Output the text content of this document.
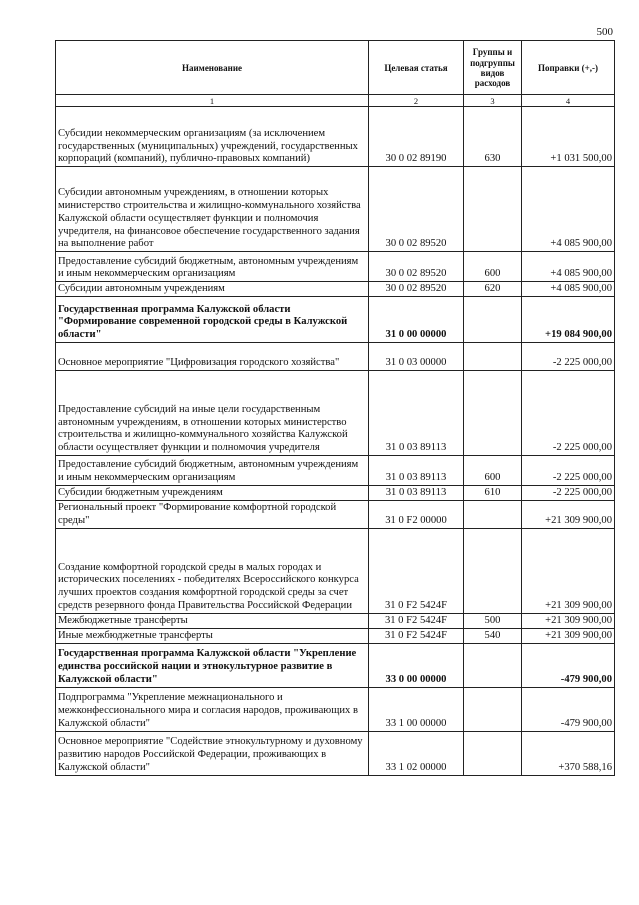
500
Наименование	Целевая статья	Группы и подгруппы видов расходов	Поправки (+,-)
1	2	3	4
Субсидии некоммерческим организациям (за исключением государственных (муниципальных) учреждений, государственных корпораций (компаний), публично-правовых компаний)	30 0 02 89190	630	+1 031 500,00
Субсидии автономным учреждениям, в отношении которых министерство строительства и жилищно-коммунального хозяйства Калужской области осуществляет функции и полномочия учредителя, на финансовое обеспечение государственного задания на выполнение работ	30 0 02 89520		+4 085 900,00
Предоставление субсидий бюджетным, автономным учреждениям и иным некоммерческим организациям	30 0 02 89520	600	+4 085 900,00
Субсидии автономным учреждениям	30 0 02 89520	620	+4 085 900,00
Государственная программа Калужской области "Формирование современной городской среды в Калужской области"	31 0 00 00000		+19 084 900,00
Основное мероприятие "Цифровизация городского хозяйства"	31 0 03 00000		-2 225 000,00
Предоставление субсидий на иные цели государственным автономным учреждениям, в отношении которых министерство строительства и жилищно-коммунального хозяйства Калужской области осуществляет функции и полномочия учредителя	31 0 03 89113		-2 225 000,00
Предоставление субсидий бюджетным, автономным учреждениям и иным некоммерческим организациям	31 0 03 89113	600	-2 225 000,00
Субсидии бюджетным учреждениям	31 0 03 89113	610	-2 225 000,00
Региональный проект "Формирование комфортной городской среды"	31 0 F2 00000		+21 309 900,00
Создание комфортной городской среды в малых городах и исторических поселениях - победителях Всероссийского конкурса лучших проектов создания комфортной городской среды за счет средств резервного фонда Правительства Российской Федерации	31 0 F2 5424F		+21 309 900,00
Межбюджетные трансферты	31 0 F2 5424F	500	+21 309 900,00
Иные межбюджетные трансферты	31 0 F2 5424F	540	+21 309 900,00
Государственная программа Калужской области "Укрепление единства российской нации и этнокультурное развитие в Калужской области"	33 0 00 00000		-479 900,00
Подпрограмма "Укрепление межнационального и межконфессионального мира и согласия народов, проживающих в Калужской области"	33 1 00 00000		-479 900,00
Основное мероприятие "Содействие этнокультурному и духовному развитию народов Российской Федерации, проживающих в Калужской области"	33 1 02 00000		+370 588,16
